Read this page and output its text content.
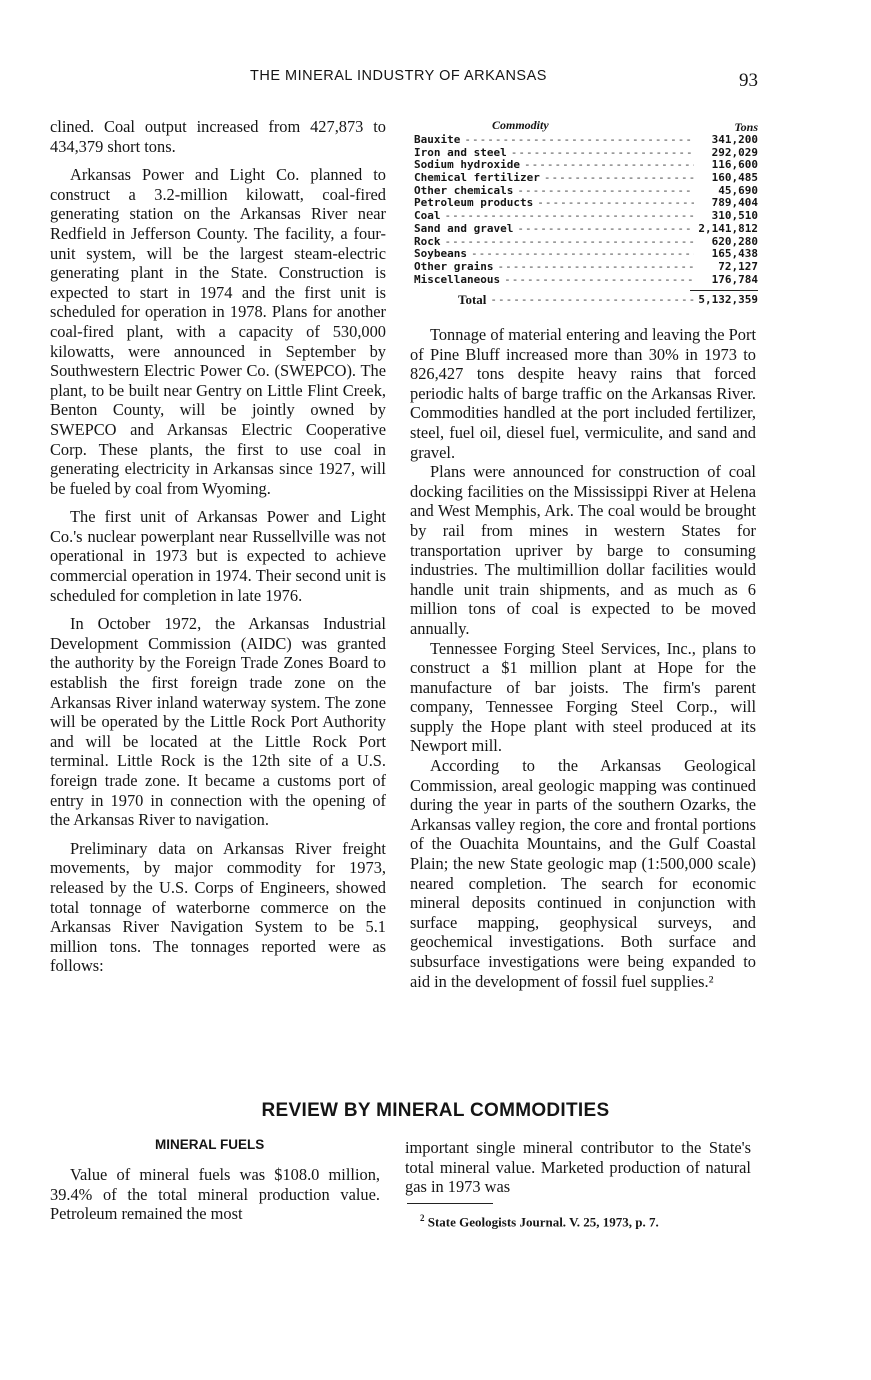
THE MINERAL INDUSTRY OF ARKANSAS	93

clined. Coal output increased from 427,873 to 434,379 short tons.

Arkansas Power and Light Co. planned to construct a 3.2-million kilowatt, coal-fired generating station on the Arkansas River near Redfield in Jefferson County. The facility, a four-unit system, will be the largest steam-electric generating plant in the State. Construction is expected to start in 1974 and the first unit is scheduled for operation in 1978. Plans for another coal-fired plant, with a capacity of 530,000 kilowatts, were announced in September by Southwestern Electric Power Co. (SWEPCO). The plant, to be built near Gentry on Little Flint Creek, Benton County, will be jointly owned by SWEPCO and Arkansas Electric Cooperative Corp. These plants, the first to use coal in generating electricity in Arkansas since 1927, will be fueled by coal from Wyoming.

The first unit of Arkansas Power and Light Co.'s nuclear powerplant near Russellville was not operational in 1973 but is expected to achieve commercial operation in 1974. Their second unit is scheduled for completion in late 1976.

In October 1972, the Arkansas Industrial Development Commission (AIDC) was granted the authority by the Foreign Trade Zones Board to establish the first foreign trade zone on the Arkansas River inland waterway system. The zone will be operated by the Little Rock Port Authority and will be located at the Little Rock Port terminal. Little Rock is the 12th site of a U.S. foreign trade zone. It became a customs port of entry in 1970 in connection with the opening of the Arkansas River to navigation.

Preliminary data on Arkansas River freight movements, by major commodity for 1973, released by the U.S. Corps of Engineers, showed total tonnage of waterborne commerce on the Arkansas River Navigation System to be 5.1 million tons. The tonnages reported were as follows:

Commodity	Tons
Bauxite -----	341,200
Iron and steel -----	292,029
Sodium hydroxide -----	116,600
Chemical fertilizer -----	160,485
Other chemicals -----	45,690
Petroleum products -----	789,404
Coal -----	310,510
Sand and gravel -----	2,141,812
Rock -----	620,280
Soybeans -----	165,438
Other grains -----	72,127
Miscellaneous -----	176,784
Total -----	5,132,359

Tonnage of material entering and leaving the Port of Pine Bluff increased more than 30% in 1973 to 826,427 tons despite heavy rains that forced periodic halts of barge traffic on the Arkansas River. Commodities handled at the port included fertilizer, steel, fuel oil, diesel fuel, vermiculite, and sand and gravel.

Plans were announced for construction of coal docking facilities on the Mississippi River at Helena and West Memphis, Ark. The coal would be brought by rail from mines in western States for transportation upriver by barge to consuming industries. The multimillion dollar facilities would handle unit train shipments, and as much as 6 million tons of coal is expected to be moved annually.

Tennessee Forging Steel Services, Inc., plans to construct a $1 million plant at Hope for the manufacture of bar joists. The firm's parent company, Tennessee Forging Steel Corp., will supply the Hope plant with steel produced at its Newport mill.

According to the Arkansas Geological Commission, areal geologic mapping was continued during the year in parts of the southern Ozarks, the Arkansas valley region, the core and frontal portions of the Ouachita Mountains, and the Gulf Coastal Plain; the new State geologic map (1:500,000 scale) neared completion. The search for economic mineral deposits continued in conjunction with surface mapping, geophysical surveys, and geochemical investigations. Both surface and subsurface investigations were being expanded to aid in the development of fossil fuel supplies.²

REVIEW BY MINERAL COMMODITIES
MINERAL FUELS

Value of mineral fuels was $108.0 million, 39.4% of the total mineral production value. Petroleum remained the most

important single mineral contributor to the State's total mineral value. Marketed production of natural gas in 1973 was

$^2$ State Geologists Journal. V. 25, 1973, p. 7.
